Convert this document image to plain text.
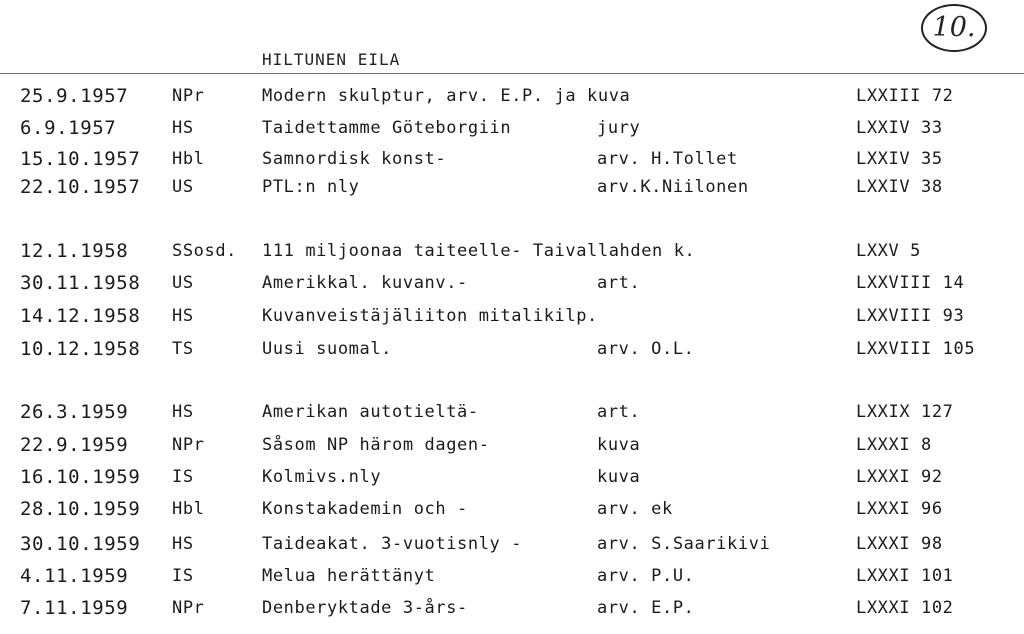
10.
HILTUNEN EILA
25.9.1957	NPr	Modern skulptur, arv. E.P. ja kuva	LXXIII 72
6.9.1957	HS	Taidettamme Göteborgiin	jury	LXXIV 33
15.10.1957 Hbl	Samnordisk konst-	arv. H.Tollet	LXXIV 35
22.10.1957 US	PTL:n nly	arv.K.Niilonen	LXXIV 38
12.1.1958	SSosd. 111 miljoonaa taiteelle- Taivallahden k.	LXXV 5
30.11.1958 US	Amerikkal. kuvanv.-	art.	LXXVIII 14
14.12.1958 HS	Kuvanveistäjäliiton mitalikilp.	LXXVIII 93
10.12.1958 TS	Uusi suomal.	arv. O.L.	LXXVIII 105
26.3.1959	HS	Amerikan autotieltä-	art.	LXXIX 127
22.9.1959	NPr	Såsom NP härom dagen-	kuva	LXXXI 8
16.10.1959 IS	Kolmivs.nly	kuva	LXXXI 92
28.10.1959 Hbl	Konstakademin och -	arv. ek	LXXXI 96
30.10.1959 HS	Taideakat. 3-vuotisnly -	arv. S.Saarikivi	LXXXI 98
4.11.1959	IS	Melua herättänyt	arv. P.U.	LXXXI 101
7.11.1959	NPr	Denberyktade 3-års-	arv. E.P.	LXXXI 102
